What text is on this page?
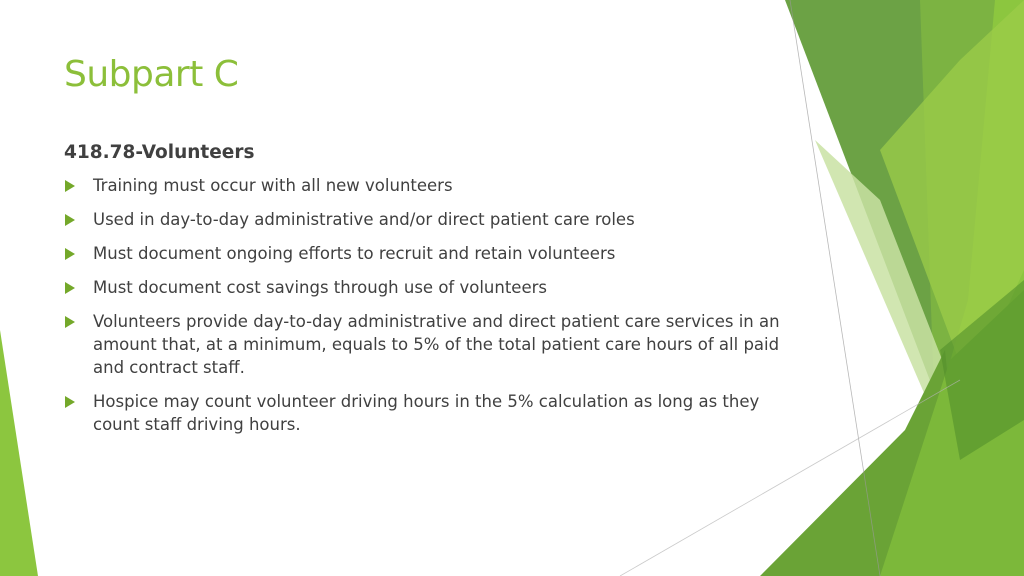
Subpart C
418.78-Volunteers
Training must occur with all new volunteers
Used in day-to-day administrative and/or direct patient care roles
Must document ongoing efforts to recruit and retain volunteers
Must document cost savings through use of volunteers
Volunteers provide day-to-day administrative and direct patient care services in an amount that, at a minimum, equals to 5% of the total patient care hours of all paid and contract staff.
Hospice may count volunteer driving hours in the 5% calculation as long as they count staff driving hours.
